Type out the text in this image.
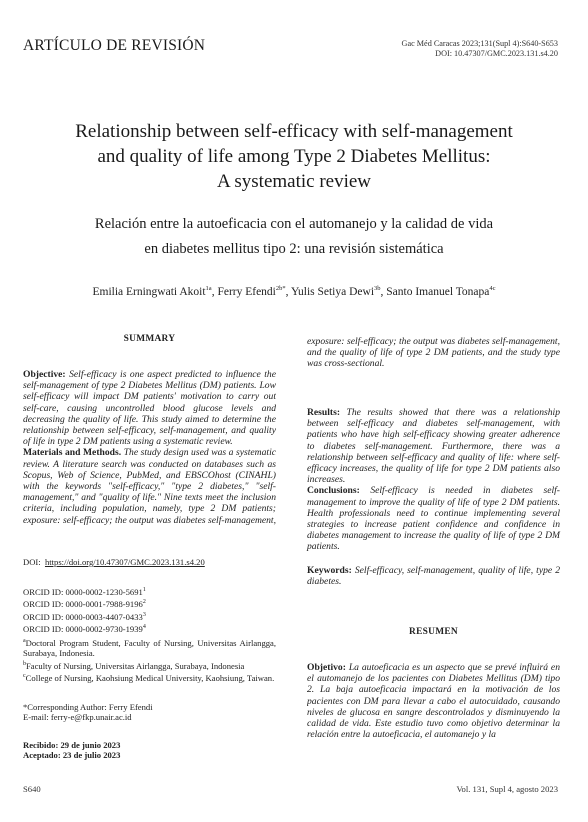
ARTÍCULO DE REVISIÓN	Gac Méd Caracas 2023;131(Supl 4):S640-S653
DOI: 10.47307/GMC.2023.131.s4.20
Relationship between self-efficacy with self-management
and quality of life among Type 2 Diabetes Mellitus:
A systematic review
Relación entre la autoeficacia con el automanejo y la calidad de vida
en diabetes mellitus tipo 2: una revisión sistemática
Emilia Erningwati Akoit$^{1a}$, Ferry Efendi$^{2b*}$, Yulis Setiya Dewi$^{3b}$, Santo Imanuel Tonapa$^{4c}$
SUMMARY

Objective: Self-efficacy is one aspect predicted to influence the self-management of type 2 Diabetes Mellitus (DM) patients. Low self-efficacy will impact DM patients' motivation to carry out self-care, causing uncontrolled blood glucose levels and decreasing the quality of life. This study aimed to determine the relationship between self-efficacy, self-management, and quality of life in type 2 DM patients using a systematic review.

Materials and Methods. The study design used was a systematic review. A literature search was conducted on databases such as Scopus, Web of Science, PubMed, and EBSCOhost (CINAHL) with the keywords "self-efficacy," "type 2 diabetes," "self-management," and "quality of life." Nine texts meet the inclusion criteria, including population, namely, type 2 DM patients; exposure: self-efficacy; the output was diabetes self-management,

exposure: self-efficacy; the output was diabetes self-management, and the quality of life of type 2 DM patients, and the study type was cross-sectional.

Results: The results showed that there was a relationship between self-efficacy and diabetes self-management, with patients who have high self-efficacy showing greater adherence to diabetes self-management. Furthermore, there was a relationship between self-efficacy and quality of life: where self-efficacy increases, the quality of life for type 2 DM patients also increases.

Conclusions: Self-efficacy is needed in diabetes self-management to improve the quality of life of type 2 DM patients. Health professionals need to continue implementing several strategies to increase patient confidence and confidence in diabetes management to increase the quality of life of type 2 DM patients.

Keywords: Self-efficacy, self-management, quality of life, type 2 diabetes.

RESUMEN

Objetivo: La autoeficacia es un aspecto que se prevé influirá en el automanejo de los pacientes con Diabetes Mellitus (DM) tipo 2. La baja autoeficacia impactará en la motivación de los pacientes con DM para llevar a cabo el autocuidado, causando niveles de glucosa en sangre descontrolados y disminuyendo la calidad de vida. Este estudio tuvo como objetivo determinar la relación entre la autoeficacia, el automanejo y la

DOI: https://doi.org/10.47307/GMC.2023.131.s4.20
ORCID ID: 0000-0002-1230-5691$^1$
ORCID ID: 0000-0001-7988-9196$^2$
ORCID ID: 0000-0003-4407-0433$^3$
ORCID ID: 0000-0002-9730-1939$^4$
$^a$Doctoral Program Student, Faculty of Nursing, Universitas Airlangga, Surabaya, Indonesia.
$^b$Faculty of Nursing, Universitas Airlangga, Surabaya, Indonesia
$^c$College of Nursing, Kaohsiung Medical University, Kaohsiung, Taiwan.
*Corresponding Author: Ferry Efendi
E-mail: ferry-e@fkp.unair.ac.id
Recibido: 29 de junio 2023
Aceptado: 23 de julio 2023
S640	Vol. 131, Supl 4, agosto 2023
